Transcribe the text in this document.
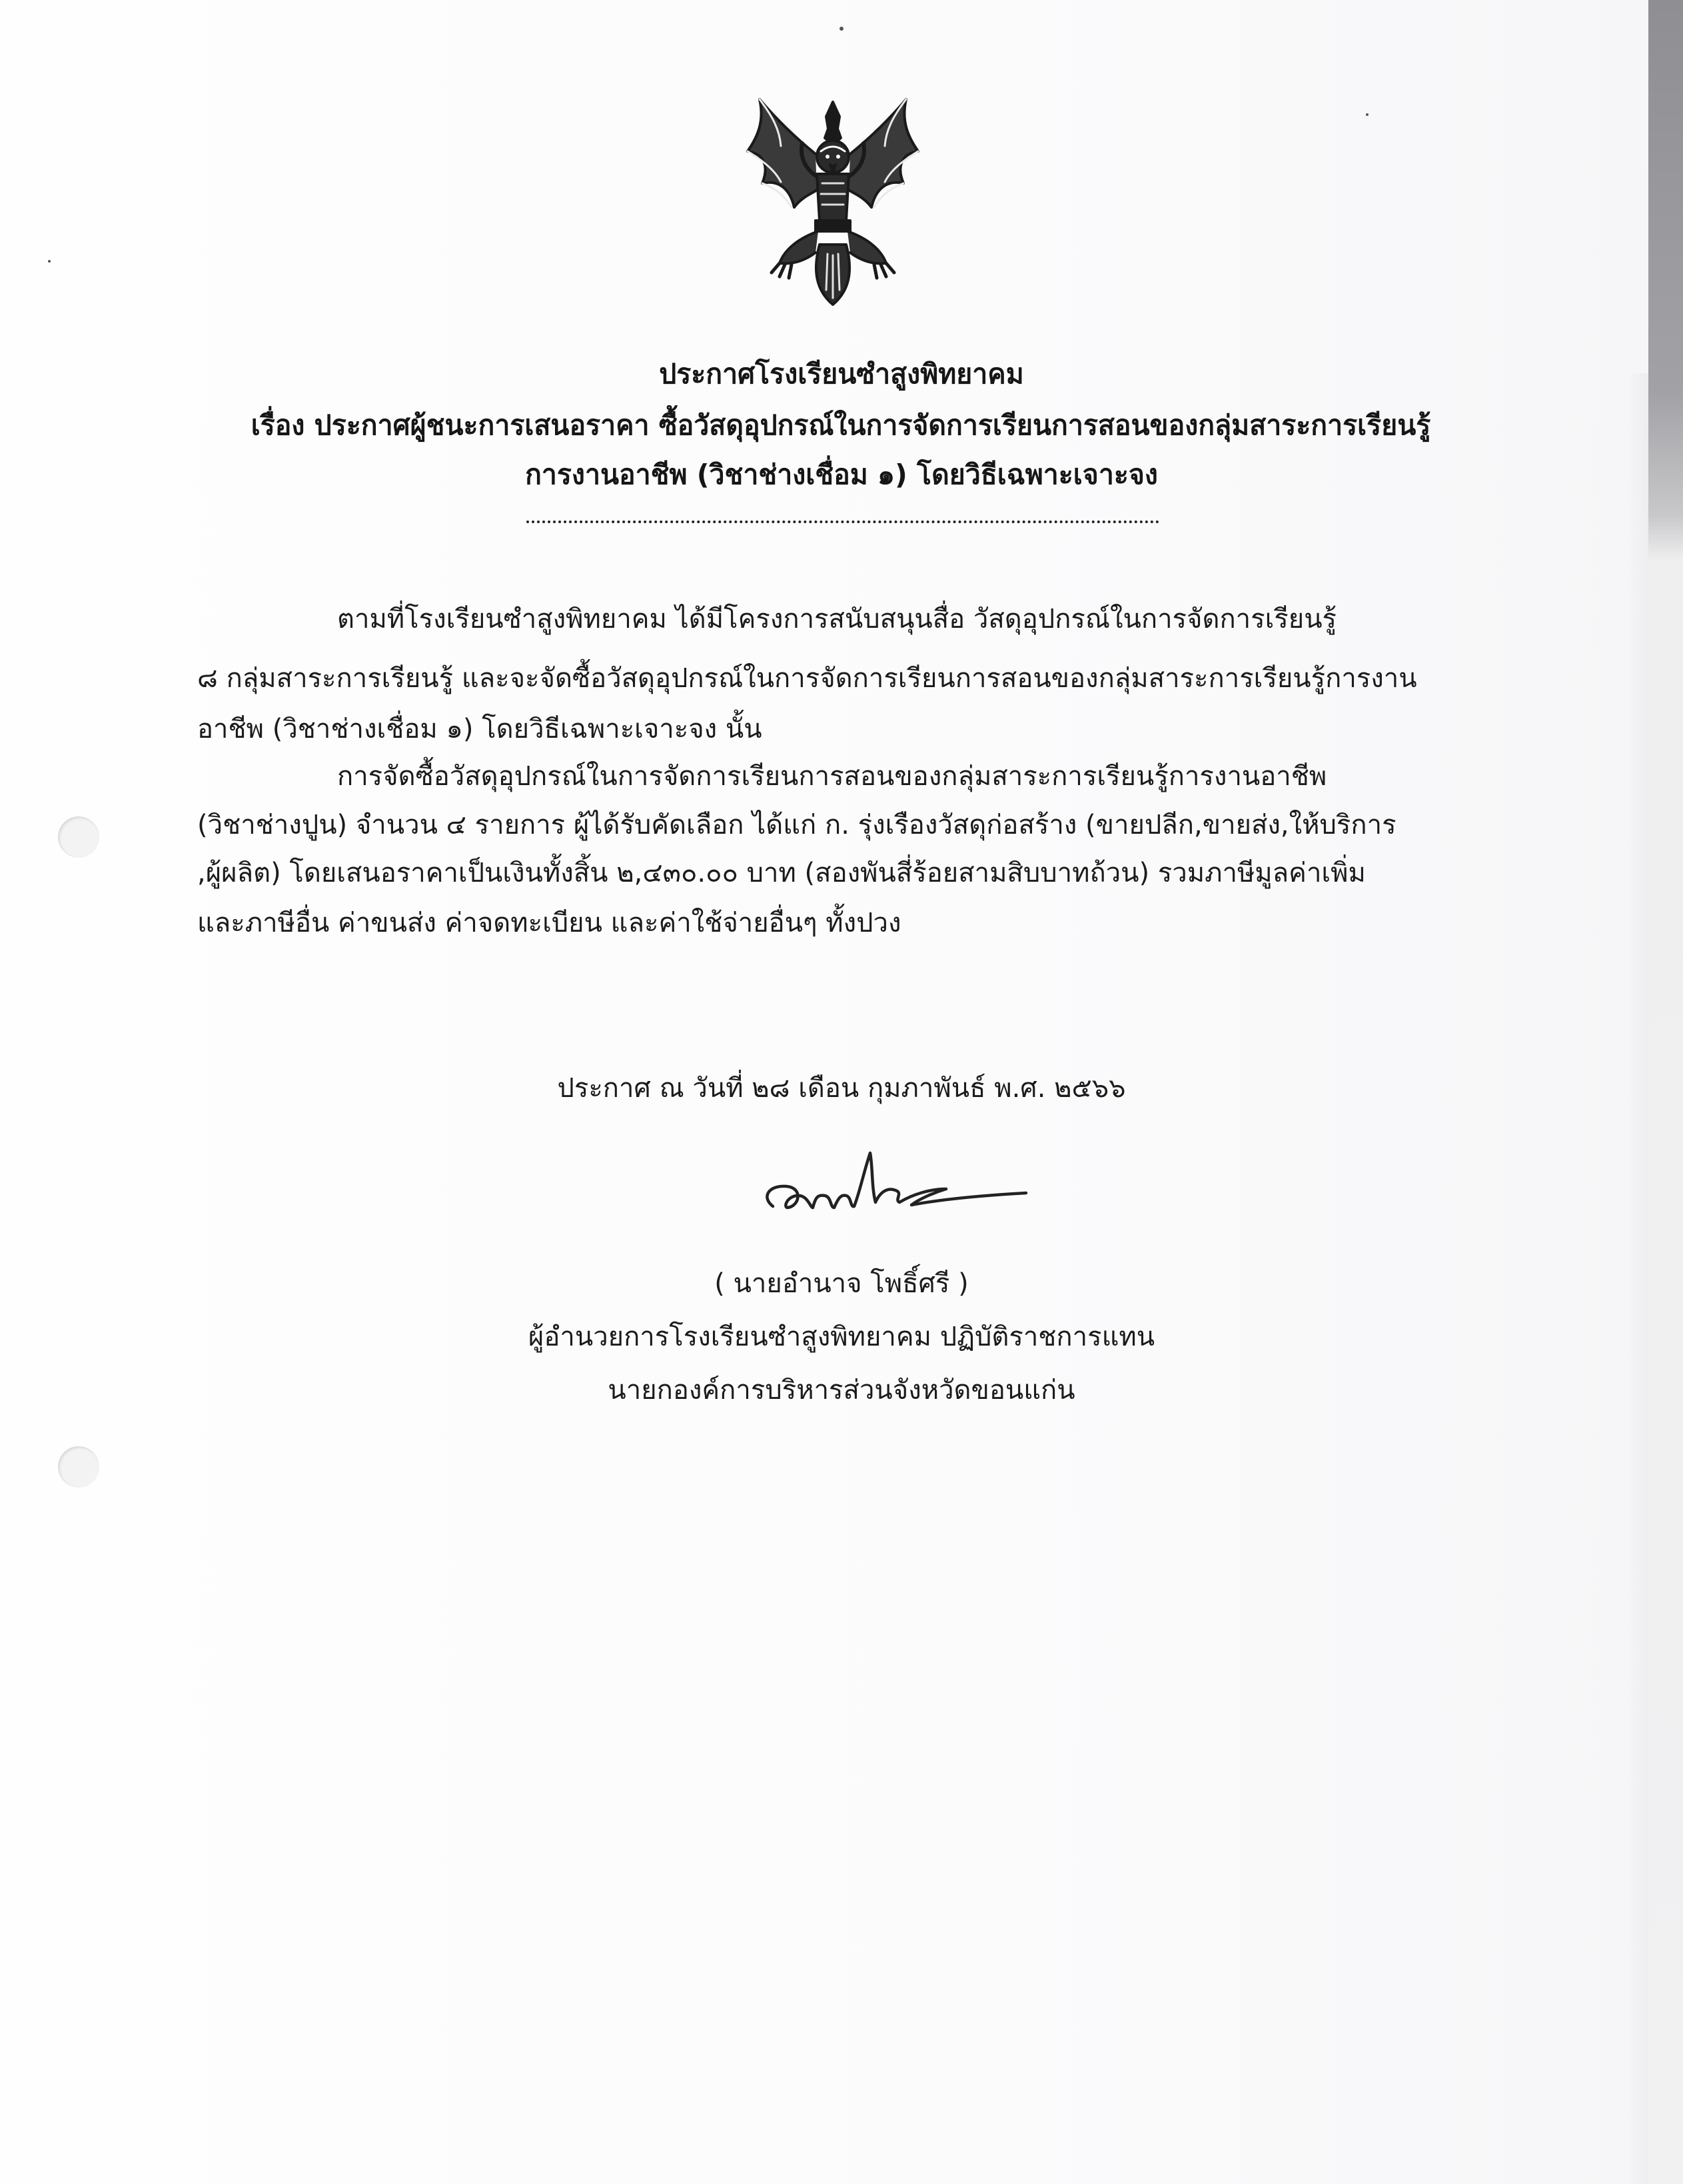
ประกาศโรงเรียนซำสูงพิทยาคม
เรื่อง ประกาศผู้ชนะการเสนอราคา ซื้อวัสดุอุปกรณ์ในการจัดการเรียนการสอนของกลุ่มสาระการเรียนรู้
การงานอาชีพ (วิชาช่างเชื่อม ๑) โดยวิธีเฉพาะเจาะจง
ตามที่โรงเรียนซำสูงพิทยาคม ได้มีโครงการสนับสนุนสื่อ วัสดุอุปกรณ์ในการจัดการเรียนรู้
๘ กลุ่มสาระการเรียนรู้ และจะจัดซื้อวัสดุอุปกรณ์ในการจัดการเรียนการสอนของกลุ่มสาระการเรียนรู้การงาน
อาชีพ (วิชาช่างเชื่อม ๑) โดยวิธีเฉพาะเจาะจง นั้น
การจัดซื้อวัสดุอุปกรณ์ในการจัดการเรียนการสอนของกลุ่มสาระการเรียนรู้การงานอาชีพ
(วิชาช่างปูน) จำนวน ๔ รายการ ผู้ได้รับคัดเลือก ได้แก่ ก. รุ่งเรืองวัสดุก่อสร้าง (ขายปลีก,ขายส่ง,ให้บริการ
,ผู้ผลิต) โดยเสนอราคาเป็นเงินทั้งสิ้น ๒,๔๓๐.๐๐ บาท (สองพันสี่ร้อยสามสิบบาทถ้วน) รวมภาษีมูลค่าเพิ่ม
และภาษีอื่น ค่าขนส่ง ค่าจดทะเบียน และค่าใช้จ่ายอื่นๆ ทั้งปวง
ประกาศ ณ วันที่ ๒๘ เดือน กุมภาพันธ์ พ.ศ. ๒๕๖๖
( นายอำนาจ โพธิ์ศรี )
ผู้อำนวยการโรงเรียนซำสูงพิทยาคม ปฏิบัติราชการแทน
นายกองค์การบริหารส่วนจังหวัดขอนแก่น
